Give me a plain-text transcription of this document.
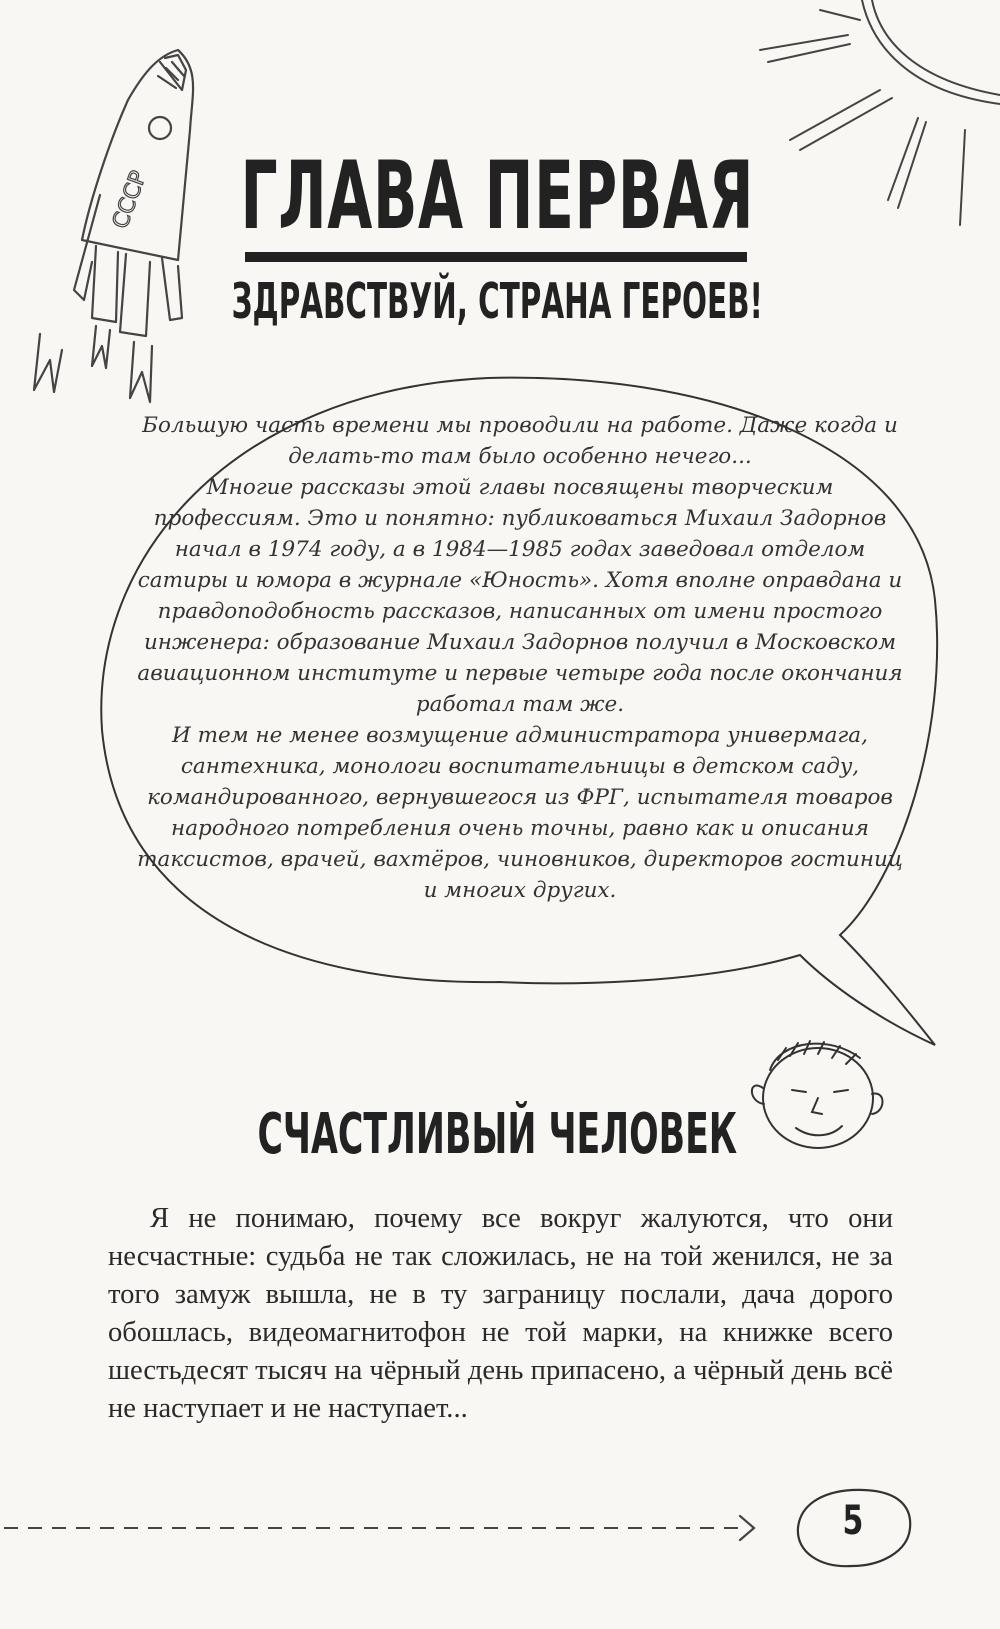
СССР ГЛАВА ПЕРВАЯ
ЗДРАВСТВУЙ, СТРАНА ГЕРОЕВ!

Большую часть времени мы проводили на работе. Даже когда и делать-то там было особенно нечего...

Многие рассказы этой главы посвящены творческим профессиям. Это и понятно: публиковаться Михаил Задорнов начал в 1974 году, а в 1984—1985 годах заведовал отделом сатиры и юмора в журнале «Юность». Хотя вполне оправдана и правдоподобность рассказов, написанных от имени простого инженера: образование Михаил Задорнов получил в Московском авиационном институте и первые четыре года после окончания работал там же.

И тем не менее возмущение администратора универмага, сантехника, монологи воспитательницы в детском саду, командированного, вернувшегося из ФРГ, испытателя товаров народного потребления очень точны, равно как и описания таксистов, врачей, вахтёров, чиновников, директоров гостиниц и многих других.

СЧАСТЛИВЫЙ ЧЕЛОВЕК

Я не понимаю, почему все вокруг жалуются, что они несчастные: судьба не так сложилась, не на той женился, не за того замуж вышла, не в ту заграницу послали, дача дорого обошлась, видеомагнитофон не той марки, на книжке всего шестьдесят тысяч на чёрный день припасено, а чёрный день всё не наступает и не наступает...

5
